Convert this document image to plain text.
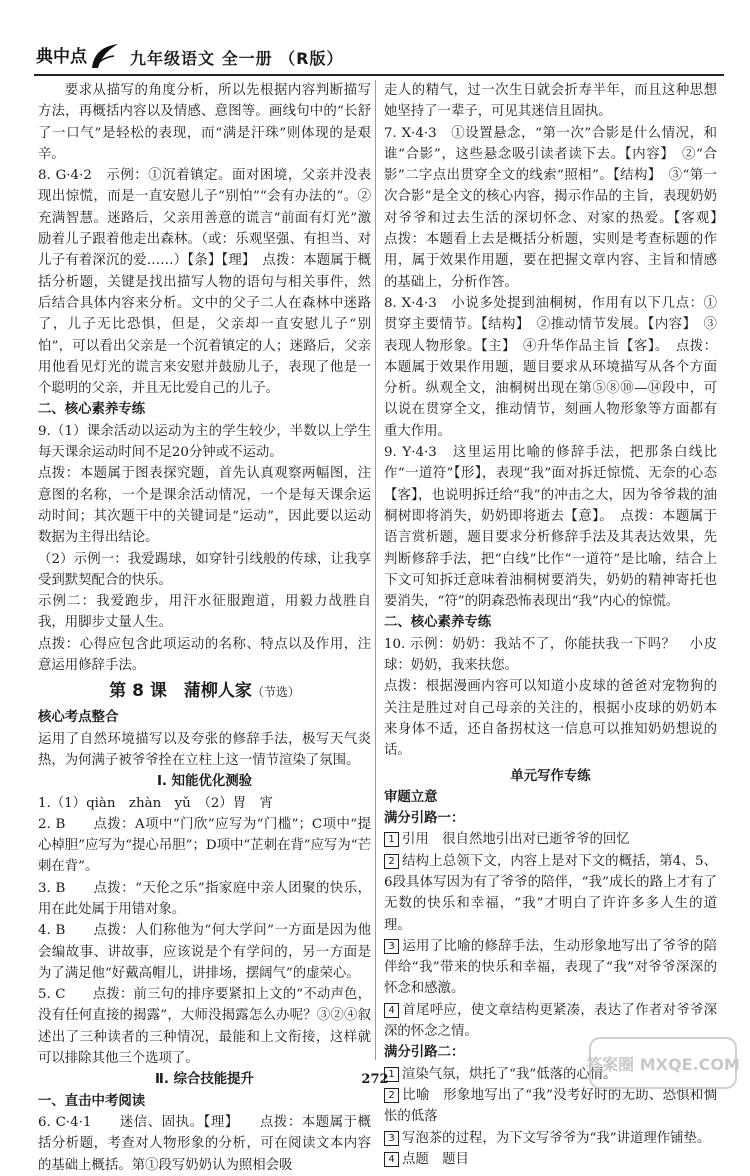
典中点	九年级语文 全一册 （R版）

要求从描写的角度分析，所以先根据内容判断描写方法，再概括内容以及情感、意图等。画线句中的“长舒了一口气”是轻松的表现，而“满是汗珠”则体现的是艰辛。

8. G·4·2　示例：①沉着镇定。面对困境，父亲并没表现出惊慌，而是一直安慰儿子“别怕”“会有办法的”。②充满智慧。迷路后，父亲用善意的谎言“前面有灯光”激励着儿子跟着他走出森林。（或：乐观坚强、有担当、对儿子有着深沉的爱……）【条】【理】　点拨：本题属于概括分析题，关键是找出描写人物的语句与相关事件，然后结合具体内容来分析。文中的父子二人在森林中迷路了，儿子无比恐惧，但是，父亲却一直安慰儿子“别怕”，可以看出父亲是一个沉着镇定的人；迷路后，父亲用他看见灯光的谎言来安慰并鼓励儿子，表现了他是一个聪明的父亲，并且无比爱自己的儿子。

二、核心素养专练

9.（1）课余活动以运动为主的学生较少，半数以上学生每天课余运动时间不足20分钟或不运动。

点拨：本题属于图表探究题，首先认真观察两幅图，注意图的名称，一个是课余活动情况，一个是每天课余运动时间；其次题干中的关键词是“运动”，因此要以运动数据为主得出结论。

（2）示例一：我爱踢球，如穿针引线般的传球，让我享受到默契配合的快乐。

示例二：我爱跑步，用汗水征服跑道，用毅力战胜自我，用脚步丈量人生。

点拨：心得应包含此项运动的名称、特点以及作用，注意运用修辞手法。

第 8 课　蒲柳人家（节选）

核心考点整合

运用了自然环境描写以及夸张的修辞手法，极写天气炎热，为何满子被爷爷拴在立柱上这一情节渲染了氛围。

Ⅰ. 知能优化测验

1.（1）qiàn　zhàn　yǔ　（2）胃　宵

2. B　　点拨：A项中“门欣”应写为“门槛”；C项中“提心棹胆”应写为“提心吊胆”；D项中“芷刺在背”应写为“芒刺在背”。

3. B　　点拨：“天伦之乐”指家庭中亲人团聚的快乐，用在此处属于用错对象。

4. B　　点拨：人们称他为“何大学问”一方面是因为他会编故事、讲故事，应该说是个有学问的，另一方面是为了满足他“好戴高帽儿，讲排场，摆阔气”的虚荣心。

5. C　　点拨：前三句的排序要紧扣上文的“不动声色，没有任何直接的揭露”，大师没揭露怎么办呢？③②④叙述出了三种读者的三种情况，最能和上文衔接，这样就可以排除其他三个选项了。

Ⅱ. 综合技能提升

一、直击中考阅读

6. C·4·1　　迷信、固执。【理】　　点拨：本题属于概括分析题，考查对人物形象的分析，可在阅读文本内容的基础上概括。第①段写奶奶认为照相会吸

走人的精气，过一次生日就会折寿半年，而且这种思想她坚持了一辈子，可见其迷信且固执。

7. X·4·3　①设置悬念，“第一次”合影是什么情况，和谁“合影”，这些悬念吸引读者读下去。【内容】　②“合影”二字点出贯穿全文的线索“照相”。【结构】　③“第一次合影”是全文的核心内容，揭示作品的主旨，表现奶奶对爷爷和过去生活的深切怀念、对家的热爱。【客观】　点拨：本题看上去是概括分析题，实则是考查标题的作用，属于效果作用题，要在把握文章内容、主旨和情感的基础上，分析作答。

8. X·4·3　小说多处提到油桐树，作用有以下几点：①贯穿主要情节。【结构】　②推动情节发展。【内容】　③表现人物形象。【主】　④升华作品主旨【客】。　点拨：本题属于效果作用题，题目要求从环境描写从各个方面分析。纵观全文，油桐树出现在第⑤⑧⑩—⑭段中，可以说在贯穿全文，推动情节，刻画人物形象等方面都有重大作用。

9. Y·4·3　这里运用比喻的修辞手法，把那条白线比作“一道符”【形】，表现“我”面对拆迁惊慌、无奈的心态【客】，也说明拆迁给“我”的冲击之大，因为爷爷栽的油桐树即将消失，奶奶即将逝去【意】。　点拨：本题属于语言赏析题，题目要求分析修辞手法及其表达效果，先判断修辞手法，把“白线”比作“一道符”是比喻，结合上下文可知拆迁意味着油桐树要消失，奶奶的精神寄托也要消失，“符”的阴森恐怖表现出“我”内心的惊慌。

二、核心素养专练

10. 示例：奶奶：我站不了，你能扶我一下吗？　小皮球：奶奶，我来扶您。

点拨：根据漫画内容可以知道小皮球的爸爸对宠物狗的关注是胜过对自己母亲的关注的，根据小皮球的奶奶本来身体不适，还自备拐杖这一信息可以推知奶奶想说的话。

单元写作专练

审题立意

满分引路一：

1 引用　很自然地引出对已逝爷爷的回忆

2 结构上总领下文，内容上是对下文的概括，第4、5、6段具体写因为有了爷爷的陪伴，“我”成长的路上才有了无数的快乐和幸福，“我”才明白了许许多多人生的道理。

3 运用了比喻的修辞手法，生动形象地写出了爷爷的陪伴给“我”带来的快乐和幸福，表现了“我”对爷爷深深的怀念和感激。

4 首尾呼应，使文章结构更紧凑，表达了作者对爷爷深深的怀念之情。

满分引路二：

1 渲染气氛，烘托了“我”低落的心情。

2 比喻　形象地写出了“我”没考好时的无助、恐惧和惆怅的低落

3 写泡茶的过程，为下文写爷爷为“我”讲道理作铺垫。

4 点题　题目

272
答案圈 MXQE.COM
